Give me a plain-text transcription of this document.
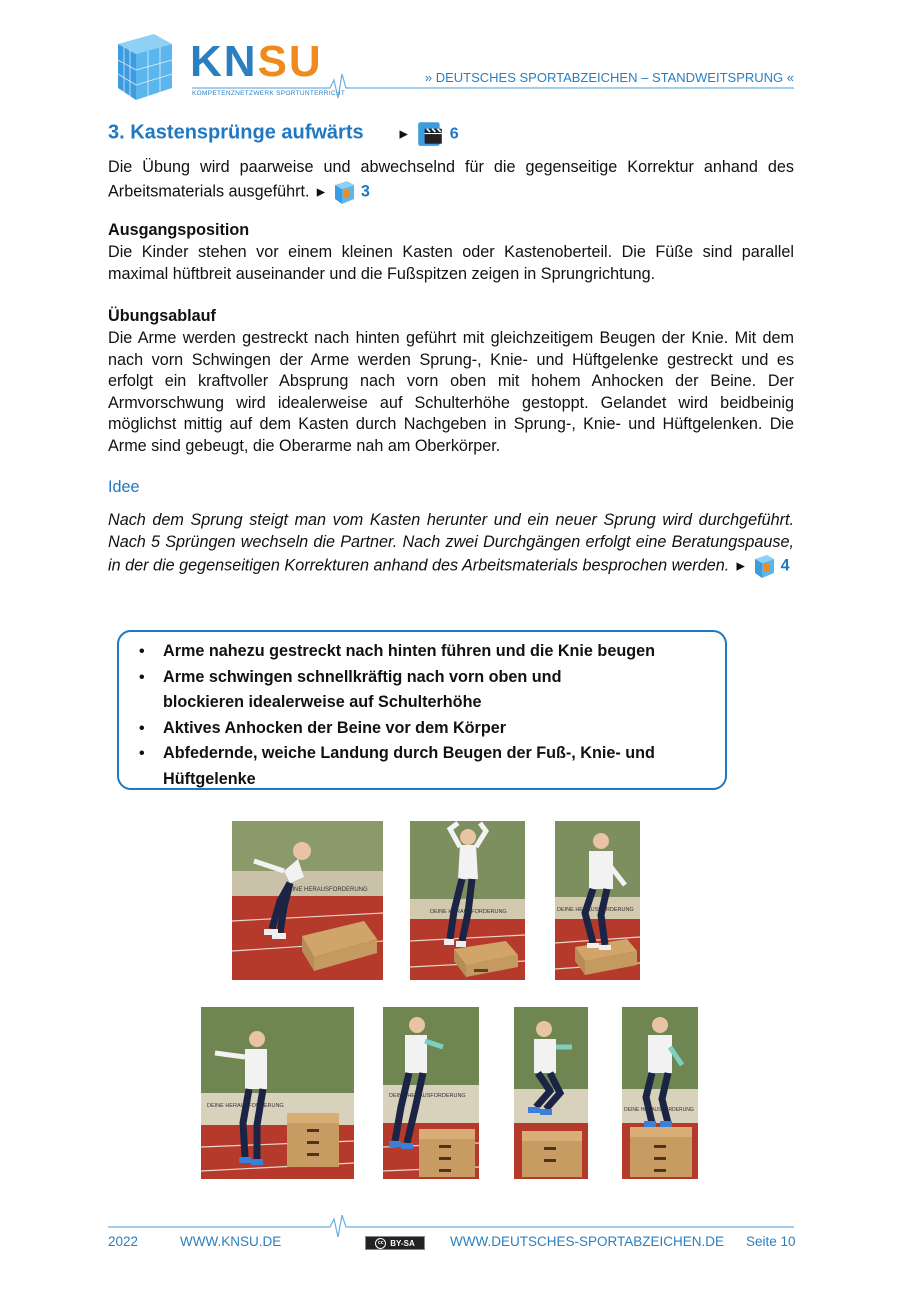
KNSU
KOMPETENZNETZWERK SPORTUNTERRICHT
» DEUTSCHES SPORTABZEICHEN – STANDWEITSPRUNG «
3. Kastensprünge aufwärts ► 6
Die Übung wird paarweise und abwechselnd für die gegenseitige Korrektur anhand des Arbeitsmaterials ausgeführt. ► 3
Ausgangsposition
Die Kinder stehen vor einem kleinen Kasten oder Kastenoberteil. Die Füße sind parallel maximal hüftbreit auseinander und die Fußspitzen zeigen in Sprungrichtung.
Übungsablauf
Die Arme werden gestreckt nach hinten geführt mit gleichzeitigem Beugen der Knie. Mit dem nach vorn Schwingen der Arme werden Sprung-, Knie- und Hüftgelenke gestreckt und es erfolgt ein kraftvoller Absprung nach vorn oben mit hohem Anhocken der Beine. Der Armvorschwung wird idealerweise auf Schulterhöhe gestoppt. Gelandet wird beidbeinig möglichst mittig auf dem Kasten durch Nachgeben in Sprung-, Knie- und Hüftgelenken. Die Arme sind gebeugt, die Oberarme nah am Oberkörper.
Idee
Nach dem Sprung steigt man vom Kasten herunter und ein neuer Sprung wird durchgeführt. Nach 5 Sprüngen wechseln die Partner. Nach zwei Durchgängen erfolgt eine Beratungspause, in der die gegenseitigen Korrekturen anhand des Arbeitsmaterials besprochen werden. ► 4
• Arme nahezu gestreckt nach hinten führen und die Knie beugen
• Arme schwingen schnellkräftig nach vorn oben und blockieren idealerweise auf Schulterhöhe
• Aktives Anhocken der Beine vor dem Körper
• Abfedernde, weiche Landung durch Beugen der Fuß-, Knie- und Hüftgelenke
DEINE HERAUSFORDERUNG
DEINE HERAUSFORDERUNG	DEINE HERAUSFORDERUNG
DEINE HERAUSFORDERUNG
DEINE HERAUSFORDERUNG
DEINE HERAUSFORDERUNG
2022	WWW.KNSU.DE	cc BY-SA	WWW.DEUTSCHES-SPORTABZEICHEN.DE Seite 10
